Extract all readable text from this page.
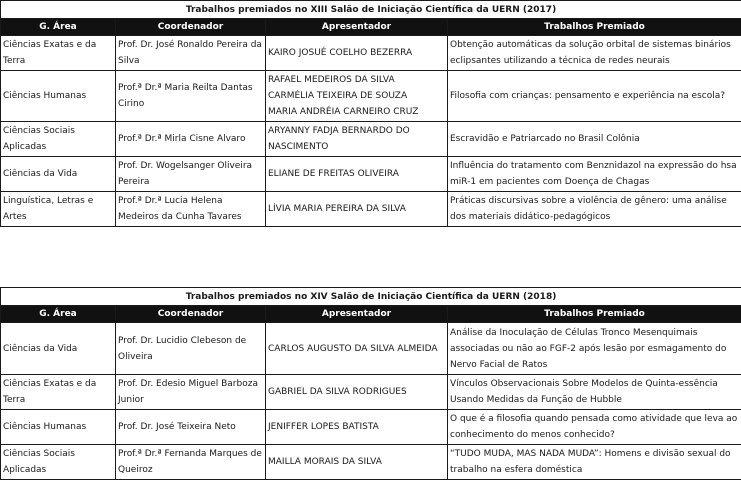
Trabalhos premiados no XIII Salão de Iniciação Científica da UERN (2017)			
G. Área	Coordenador	Apresentador	Trabalhos Premiado
Ciências Exatas e da Terra	Prof. Dr. José Ronaldo Pereira da Silva	KAIRO JOSUÉ COELHO BEZERRA	Obtenção automáticas da solução orbital de sistemas binários eclipsantes utilizando a técnica de redes neurais
Ciências Humanas	Prof.ª Dr.ª Maria Reilta Dantas Cirino	RAFAEL MEDEIROS DA SILVA
CARMÉLIA TEIXEIRA DE SOUZA
MARIA ANDRÉIA CARNEIRO CRUZ	Filosofia com crianças: pensamento e experiência na escola?
Ciências Sociais Aplicadas	Prof.ª Dr.ª Mirla Cisne Alvaro	ARYANNY FADJA BERNARDO DO NASCIMENTO	Escravidão e Patriarcado no Brasil Colônia
Ciências da Vida	Prof. Dr. Wogelsanger Oliveira Pereira	ELIANE DE FREITAS OLIVEIRA	Influência do tratamento com Benznidazol na expressão do hsa miR-1 em pacientes com Doença de Chagas
Linguística, Letras e Artes	Prof.ª Dr.ª Lucia Helena Medeiros da Cunha Tavares	LÍVIA MARIA PEREIRA DA SILVA	Práticas discursivas sobre a violência de gênero: uma análise dos materiais didático-pedagógicos
Trabalhos premiados no XIV Salão de Iniciação Científica da UERN (2018)			
G. Área	Coordenador	Apresentador	Trabalhos Premiado
Ciências da Vida	Prof. Dr. Lucidio Clebeson de Oliveira	CARLOS AUGUSTO DA SILVA ALMEIDA	Análise da Inoculação de Células Tronco Mesenquimais associadas ou não ao FGF-2 após lesão por esmagamento do Nervo Facial de Ratos
Ciências Exatas e da Terra	Prof. Dr. Edesio Miguel Barboza Junior	GABRIEL DA SILVA RODRIGUES	Vínculos Observacionais Sobre Modelos de Quinta-essência Usando Medidas da Função de Hubble
Ciências Humanas	Prof. Dr. José Teixeira Neto	JENIFFER LOPES BATISTA	O que é a filosofia quando pensada como atividade que leva ao conhecimento do menos conhecido?
Ciências Sociais Aplicadas	Prof.ª Dr.ª Fernanda Marques de Queiroz	MAILLA MORAIS DA SILVA	“TUDO MUDA, MAS NADA MUDA”: Homens e divisão sexual do trabalho na esfera doméstica
